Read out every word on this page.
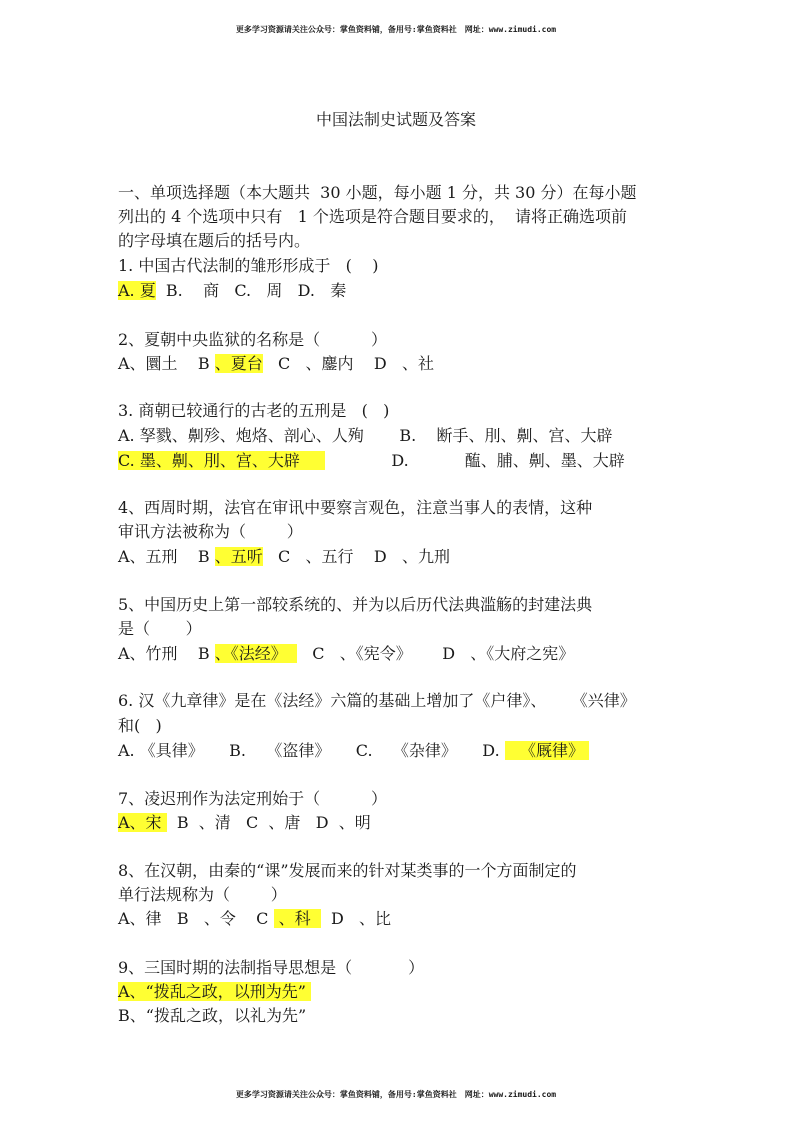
更多学习资源请关注公众号：掌鱼资料铺，备用号:掌鱼资料社　网址：www.zimudi.com
中国法制史试题及答案
一、单项选择题（本大题共  30 小题，每小题 1 分，共 30 分）在每小题
列出的 4 个选项中只有   1 个选项是符合题目要求的，  请将正确选项前
的字母填在题后的括号内。
1. 中国古代法制的雏形形成于   (    )
A. 夏  B.    商   C.   周   D.   秦
2、夏朝中央监狱的名称是（          ）
A、圜土    B 、夏台   C   、鏖内    D   、社
3. 商朝已较通行的古老的五刑是   (   )
A. 孥戮、劓殄、炮烙、剖心、人殉       B.    断手、刖、劓、宫、大辟
C. 墨、劓、刖、宫、大辟                  D.           醢、脯、劓、墨、大辟
4、西周时期，法官在审讯中要察言观色，注意当事人的表情，这种
审讯方法被称为（        ）
A、五刑    B 、五听   C   、五行    D   、九刑
5、中国历史上第一部较系统的、并为以后历代法典滥觞的封建法典
是（       ）
A、竹刑    B 、《法经》     C   、《宪令》      D   、《大府之宪》
6. 汉《九章律》是在《法经》六篇的基础上增加了《户律》、     《兴律》
和(   )
A. 《具律》     B.    《盗律》     C.    《杂律》     D.    《厩律》
7、凌迟刑作为法定刑始于（          ）
A、宋   B  、清   C  、唐   D  、明
8、在汉朝，由秦的“课”发展而来的针对某类事的一个方面制定的
单行法规称为（        ）
A、律   B   、令    C  、科    D   、比
9、三国时期的法制指导思想是（           ）
A、“拨乱之政，以刑为先”
B、“拨乱之政，以礼为先”
更多学习资源请关注公众号：掌鱼资料铺，备用号:掌鱼资料社　网址：www.zimudi.com
